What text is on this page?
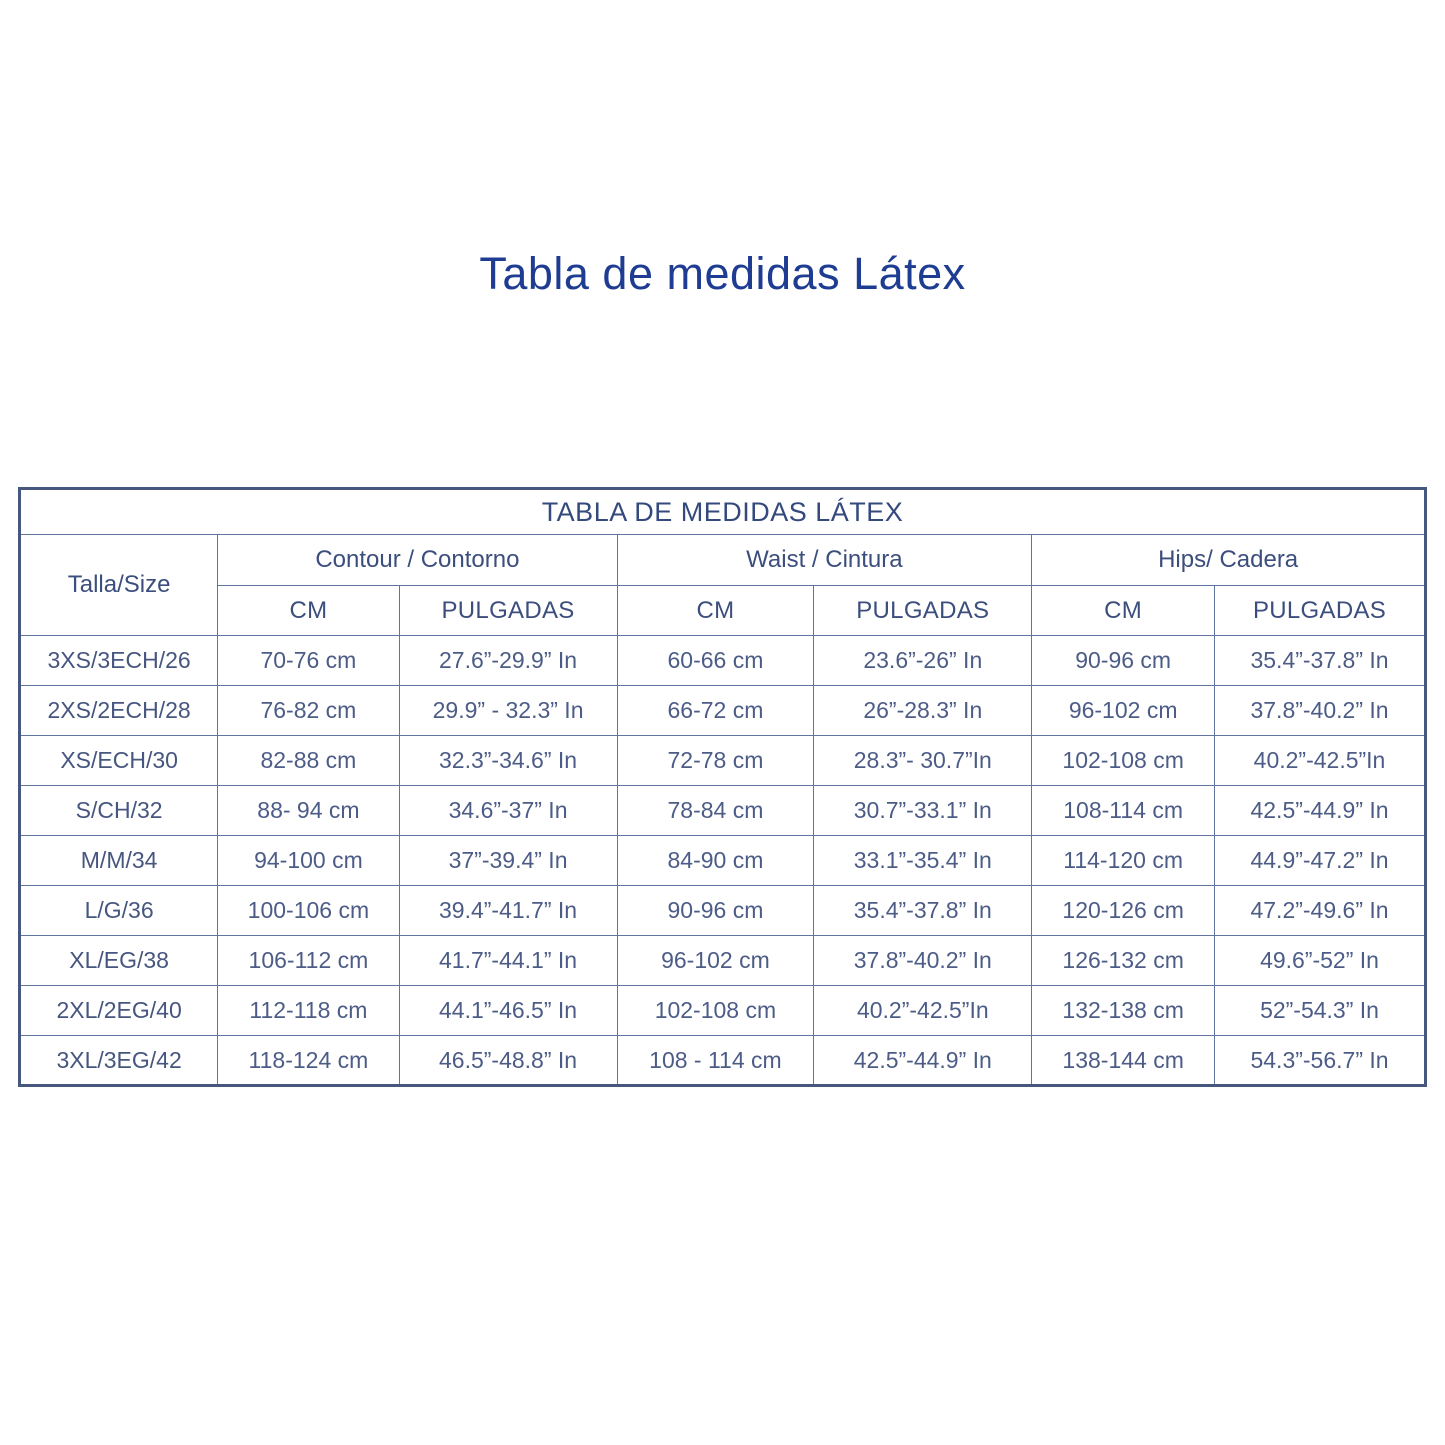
Tabla de medidas Látex
TABLA DE MEDIDAS LÁTEX						
Talla/Size	Contour / Contorno		Waist / Cintura		Hips/ Cadera	
	CM	PULGADAS	CM	PULGADAS	CM	PULGADAS
3XS/3ECH/26	70-76 cm	27.6”-29.9” In	60-66 cm	23.6”-26” In	90-96 cm	35.4”-37.8” In
2XS/2ECH/28	76-82 cm	29.9” - 32.3” In	66-72 cm	26”-28.3” In	96-102 cm	37.8”-40.2” In
XS/ECH/30	82-88 cm	32.3”-34.6” In	72-78 cm	28.3”- 30.7”In	102-108 cm	40.2”-42.5”In
S/CH/32	88- 94 cm	34.6”-37” In	78-84 cm	30.7”-33.1” In	108-114 cm	42.5”-44.9” In
M/M/34	94-100 cm	37”-39.4” In	84-90 cm	33.1”-35.4” In	114-120 cm	44.9”-47.2” In
L/G/36	100-106 cm	39.4”-41.7” In	90-96 cm	35.4”-37.8” In	120-126 cm	47.2”-49.6” In
XL/EG/38	106-112 cm	41.7”-44.1” In	96-102 cm	37.8”-40.2” In	126-132 cm	49.6”-52” In
2XL/2EG/40	112-118 cm	44.1”-46.5” In	102-108 cm	40.2”-42.5”In	132-138 cm	52”-54.3” In
3XL/3EG/42	118-124 cm	46.5”-48.8” In	108 - 114 cm	42.5”-44.9” In	138-144 cm	54.3”-56.7” In
